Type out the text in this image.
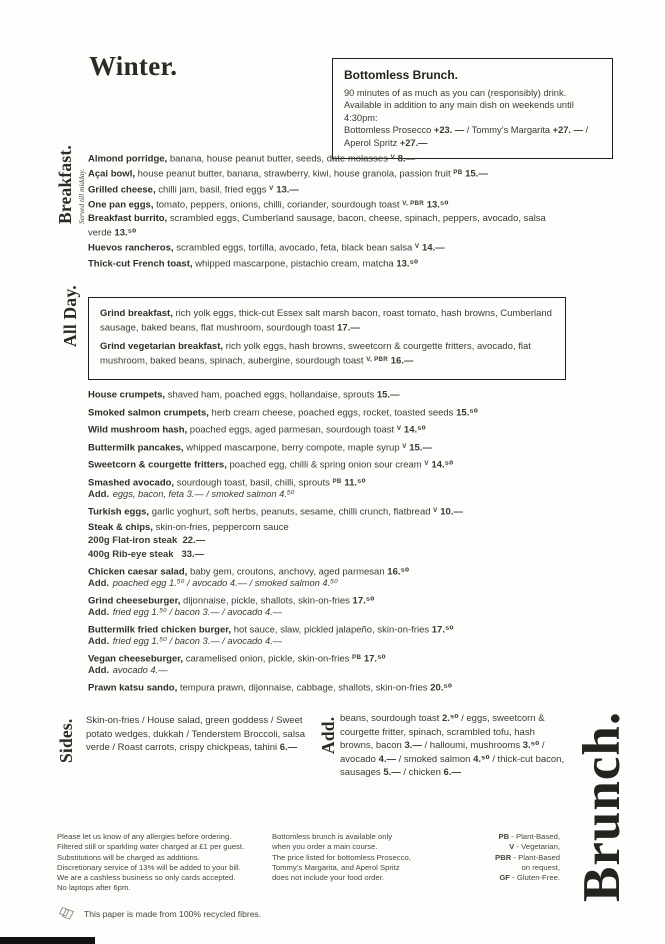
Winter.	Bottomless Brunch.
90 minutes of as much as you can (responsibly) drink.
Available in addition to any main dish on weekends until 4:30pm:
Bottomless Prosecco +23. — / Tommy’s Margarita +27. — /
Aperol Spritz +27.—
Breakfast. Served till midday.
Almond porridge, banana, house peanut butter, seeds, date molasses $^V$ 8.—
Açai bowl, house peanut butter, banana, strawberry, kiwi, house granola, passion fruit $^{PB}$ 15.—
Grilled cheese, chilli jam, basil, fried eggs $^V$ 13.—
One pan eggs, tomato, peppers, onions, chilli, coriander, sourdough toast $^{V, PBR}$ 13.⁵⁰
Breakfast burrito, scrambled eggs, Cumberland sausage, bacon, cheese, spinach, peppers, avocado, salsa verde 13.⁵⁰
Huevos rancheros, scrambled eggs, tortilla, avocado, feta, black bean salsa $^V$ 14.—
Thick-cut French toast, whipped mascarpone, pistachio cream, matcha 13.⁵⁰
All Day. Grind breakfast, rich yolk eggs, thick-cut Essex salt marsh bacon, roast tomato, hash browns, Cumberland sausage, baked beans, flat mushroom, sourdough toast 17.—
Grind vegetarian breakfast, rich yolk eggs, hash browns, sweetcorn & courgette fritters, avocado, flat mushroom, baked beans, spinach, aubergine, sourdough toast $^{V, PBR}$ 16.—
House crumpets, shaved ham, poached eggs, hollandaise, sprouts 15.—
Smoked salmon crumpets, herb cream cheese, poached eggs, rocket, toasted seeds 15.⁵⁰
Wild mushroom hash, poached eggs, aged parmesan, sourdough toast $^V$ 14.⁵⁰
Buttermilk pancakes, whipped mascarpone, berry compote, maple syrup $^V$ 15.—
Sweetcorn & courgette fritters, poached egg, chilli & spring onion sour cream $^V$ 14.⁵⁰
Smashed avocado, sourdough toast, basil, chilli, sprouts $^{PB}$ 11.⁵⁰
Add. eggs, bacon, feta 3.— / smoked salmon 4.⁵⁰
Turkish eggs, garlic yoghurt, soft herbs, peanuts, sesame, chilli crunch, flatbread $^V$ 10.—
Steak & chips, skin-on-fries, peppercorn sauce
200g Flat-iron steak  22.—
400g Rib-eye steak   33.—
Chicken caesar salad, baby gem, croutons, anchovy, aged parmesan 16.⁵⁰
Add. poached egg 1.⁵⁰ / avocado 4.— / smoked salmon 4.⁵⁰
Grind cheeseburger, dijonnaise, pickle, shallots, skin-on-fries 17.⁵⁰
Add. fried egg 1.⁵⁰ / bacon 3.— / avocado 4.—
Buttermilk fried chicken burger, hot sauce, slaw, pickled jalapeño, skin-on-fries 17.⁵⁰
Add. fried egg 1.⁵⁰ / bacon 3.— / avocado 4.—
Vegan cheeseburger, caramelised onion, pickle, skin-on-fries $^{PB}$ 17.⁵⁰
Add. avocado 4.—
Prawn katsu sando, tempura prawn, dijonnaise, cabbage, shallots, skin-on-fries 20.⁵⁰
Sides. Skin-on-fries / House salad, green goddess / Sweet potato wedges, dukkah / Tenderstem Broccoli, salsa verde / Roast carrots, crispy chickpeas, tahini 6.—	Add. beans, sourdough toast 2.⁵⁰ / eggs, sweetcorn & courgette fritter, spinach, scrambled tofu, hash browns, bacon 3.— / halloumi, mushrooms 3.⁵⁰ / avocado 4.— / smoked salmon 4.⁵⁰ / thick-cut bacon, sausages 5.— / chicken 6.—	Brunch.
Please let us know of any allergies before ordering.
Filtered still or sparkling water charged at £1 per guest.
Substitutions will be charged as additions.
Discretionary service of 13% will be added to your bill.
We are a cashless business so only cards accepted.
No laptops after 6pm.
Bottomless brunch is available only
when you order a main course.
The price listed for bottomless Prosecco,
Tommy’s Margarita, and Aperol Spritz
does not include your food order.
PB - Plant-Based,
V - Vegetarian,
PBR - Plant-Based
on request,
GF - Gluten-Free.
This paper is made from 100% recycled fibres.
